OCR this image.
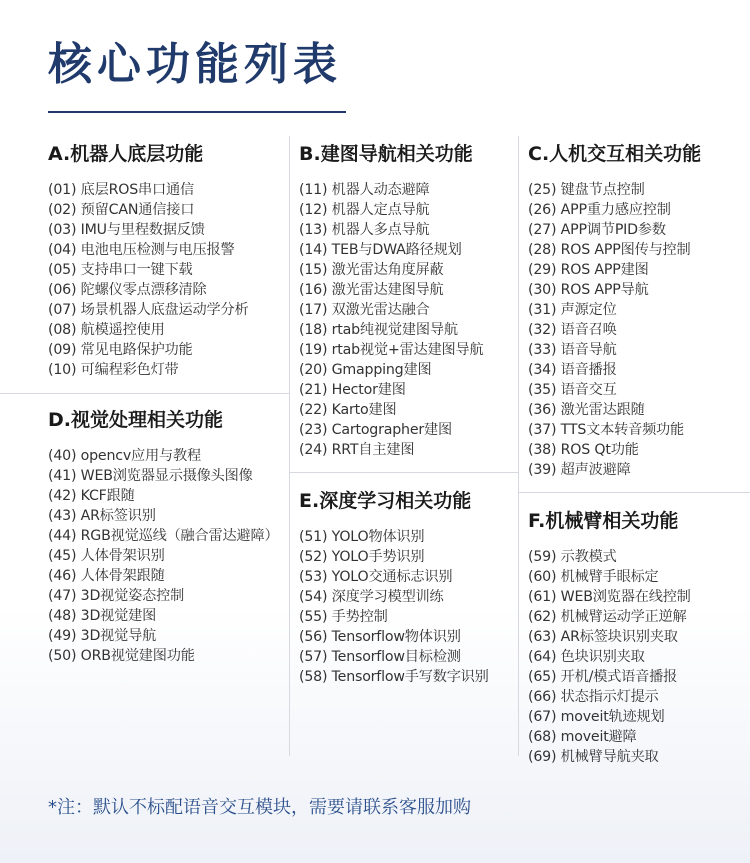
核心功能列表
A.机器人底层功能
(01) 底层ROS串口通信
(02) 预留CAN通信接口
(03) IMU与里程数据反馈
(04) 电池电压检测与电压报警
(05) 支持串口一键下载
(06) 陀螺仪零点漂移清除
(07) 场景机器人底盘运动学分析
(08) 航模遥控使用
(09) 常见电路保护功能
(10) 可编程彩色灯带
B.建图导航相关功能
(11) 机器人动态避障
(12) 机器人定点导航
(13) 机器人多点导航
(14) TEB与DWA路径规划
(15) 激光雷达角度屏蔽
(16) 激光雷达建图导航
(17) 双激光雷达融合
(18) rtab纯视觉建图导航
(19) rtab视觉+雷达建图导航
(20) Gmapping建图
(21) Hector建图
(22) Karto建图
(23) Cartographer建图
(24) RRT自主建图
C.人机交互相关功能
(25) 键盘节点控制
(26) APP重力感应控制
(27) APP调节PID参数
(28) ROS APP图传与控制
(29) ROS APP建图
(30) ROS APP导航
(31) 声源定位
(32) 语音召唤
(33) 语音导航
(34) 语音播报
(35) 语音交互
(36) 激光雷达跟随
(37) TTS文本转音频功能
(38) ROS Qt功能
(39) 超声波避障
D.视觉处理相关功能
(40) opencv应用与教程
(41) WEB浏览器显示摄像头图像
(42) KCF跟随
(43) AR标签识别
(44) RGB视觉巡线（融合雷达避障）
(45) 人体骨架识别
(46) 人体骨架跟随
(47) 3D视觉姿态控制
(48) 3D视觉建图
(49) 3D视觉导航
(50) ORB视觉建图功能
E.深度学习相关功能
(51) YOLO物体识别
(52) YOLO手势识别
(53) YOLO交通标志识别
(54) 深度学习模型训练
(55) 手势控制
(56) Tensorflow物体识别
(57) Tensorflow目标检测
(58) Tensorflow手写数字识别
F.机械臂相关功能
(59) 示教模式
(60) 机械臂手眼标定
(61) WEB浏览器在线控制
(62) 机械臂运动学正逆解
(63) AR标签块识别夹取
(64) 色块识别夹取
(65) 开机/模式语音播报
(66) 状态指示灯提示
(67) moveit轨迹规划
(68) moveit避障
(69) 机械臂导航夹取
*注：默认不标配语音交互模块，需要请联系客服加购
